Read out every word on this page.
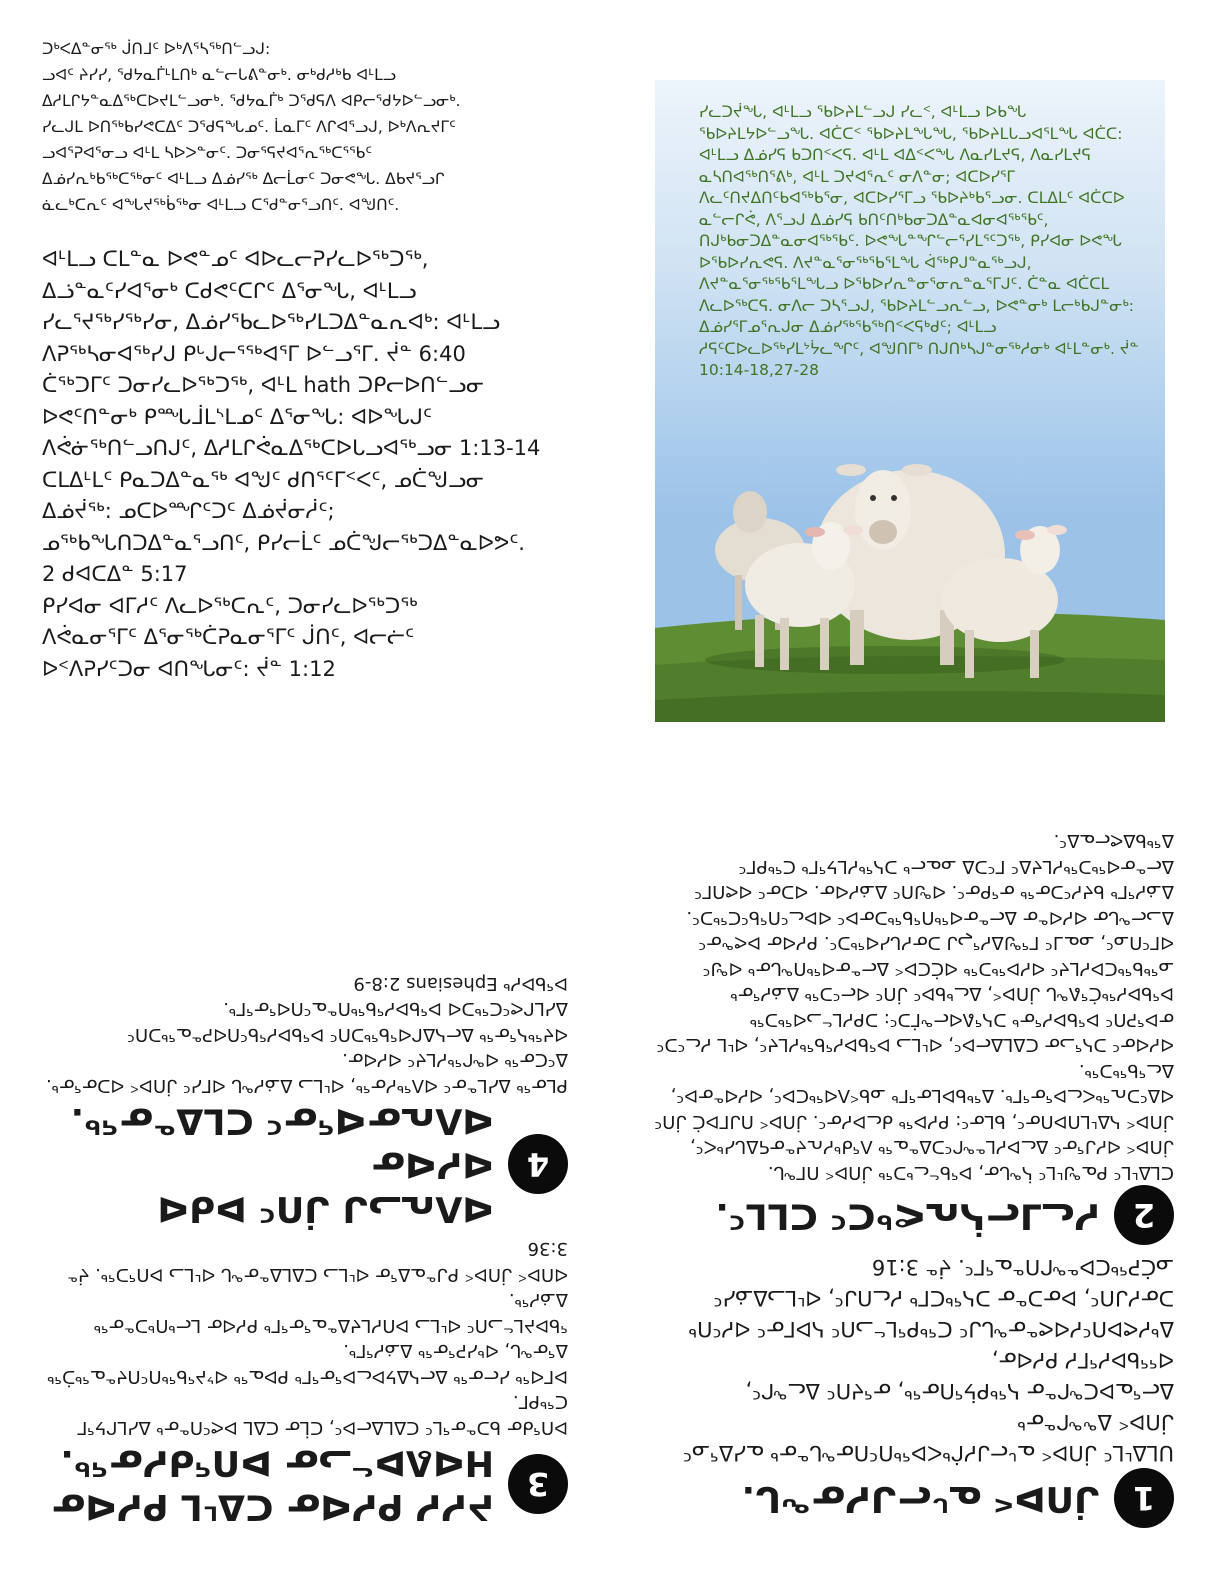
ᑐᒃᐸᐃᓐᓂᖅ ᒎᑎᒧᑦ ᐅᒃᐱᕐᓴᖅᑎᓪᓗᒍ:
ᓗᐊᑦ ᔨᓯᓯ, ᖁᔭᓇᒦᒻᒪᑎᒃ ᓇᓪᓕᒐᕕᓐᓂᒃ. ᓂᒃᑯᓱᒃᑲ ᐊᒻᒪᓗ
ᐃᓱᒪᒋᔭᓐᓇᐃᖅᑕᐅᔪᒪᓪᓗᓂᒃ. ᖁᔭᓇᒦᒃ ᑐᖁᕋᐱ ᐊᑭᓕᖁᔭᐅᓪᓗᓂᒃ.
ᓯᓚᒍᒪ ᐅᑎᖅᑲᓯᕙᑕᐃᑦ ᑐᖁᕋᖓᓄᑦ. ᒫᓇᒥᑦ ᐱᒋᐊᕐᓗᒍ, ᐅᒃᐱᕆᔪᒥᑦ
ᓗᐊᕐᕈᐊᕐᓂᓗ ᐊᒻᒪ ᓴᐅᐳᓐᓂᑦ. ᑐᓂᕐᕋᔪᐊᕐᕆᖅᑕᕐᖃᑦ
ᐃᓅᓯᕆᒃᑲᖅᑕᖅᓂᑦ ᐊᒻᒪᓗ ᐃᓅᓯᖅ ᐃᓕᒫᓂᑦ ᑐᓂᕙᖓ. ᐃᑲᔪᕐᓗᒋ
ᓈᓚᒃᑕᕆᑦ ᐊᖓᔪᖅᑳᖅᓂ ᐊᒻᒪᓗ ᑕᖁᓐᓂᕐᓗᑎᑦ. ᐊᖑᑎᑦ.

ᐊᒻᒪᓗ ᑕᒪᓐᓇ ᐅᕙᓐᓄᑦ ᐊᐅᓚᓕᕈᓯᓚᐅᖅᑐᖅ,

ᐃᓘᓐᓇᑦᓯᐊᕐᓂᒃ ᑕᑯᕙᑦᑕᒋᑦ ᐃᕐᓂᖓ, ᐊᒻᒪᓗ

ᓯᓚᕐᔪᖅᓯᖅᓯᓂ, ᐃᓅᓯᖃᓚᐅᖅᓯᒪᑐᐃᓐᓇᕆᐊᒃ: ᐊᒻᒪᓗ

ᐱᕈᖅᓴᓂᐊᖅᓯᒍ ᑭᒡᒍᓕᕐᖅᐊᕐᒥ ᐅᓪᓗᕐᒥ. ᔫᓐ 6:40

ᑖᖅᑐᒥᑦ ᑐᓂᓯᓚᐅᖅᑐᖅ, ᐊᒻᒪ hath ᑐᑭᓕᐅᑎᓪᓗᓂ

ᐅᕙᑦᑎᓐᓂᒃ ᑭᙵᒨᒪᔅᒪᓄᑦ ᐃᕐᓂᖓ: ᐊᐅᖓᒍᑦ

ᐱᕚᓃᖅᑎᓪᓗᑎᒍᑦ, ᐃᓱᒪᒋᕚᓇᐃᖅᑕᐅᒐᓗᐊᖅᓗᓂ 1:13-14

ᑕᒪᐃᒻᒪᑦ ᑭᓇᑐᐃᓐᓇᖅ ᐊᖑᑦ ᑯᑎᕐᑦᒥᑉᐸᑦ, ᓄᑖᖑᓗᓂ

ᐃᓅᔫᖅ: ᓄᑕᐅᙱᑦᑐᑦ ᐃᓅᔫᓂᓲᑦ;

ᓄᖅᑲᖓᑎᑐᐃᓐᓇᕐᓗᑎᑦ, ᑭᓯᓕᒫᑦ ᓄᑖᖑᓕᖅᑐᐃᓐᓇᐅᕗᑦ.

2 ᑯᐊᑕᐃᓐ 5:17

ᑭᓯᐊᓂ ᐊᒥᓱᑦ ᐱᓚᐅᖅᑕᕆᑦ, ᑐᓂᓯᓚᐅᖅᑐᖅ

ᐱᕚᓇᓂᕐᒥᑦ ᐃᕐᓂᖅᑖᕈᓇᓂᕐᒥᑦ ᒎᑎᑦ, ᐊᓕᓖᑦ

ᐅᑉᐱᕈᓯᑦᑐᓂ ᐊᑎᖓᓂᑦ: ᔫᓐ 1:12

ᓯᓚᑐᔫᖓ, ᐊᒻᒪᓗ ᖃᐅᔨᒪᓪᓗᒍ ᓯᓚᑉ, ᐊᒻᒪᓗ ᐅᑲᖓ ᖃᐅᔨᒪᔭᐅᓪᓗᖓ. ᐊᑖᑕᑉ ᖃᐅᔨᒪᖓᖓ, ᖃᐅᔨᒪᒐᓗᐊᕐᒪᖓ ᐊᑖᑕ: ᐊᒻᒪᓗ ᐃᓅᓯᕋ ᑲᑐᑎᑉᐸᕋ. ᐊᒻᒪ ᐊᐃᑉᐸᖓ ᐱᓇᓯᒪᔪᕋ, ᐱᓇᓯᒪᔪᕋ ᓇᓴᑎᐊᖅᑎᕐᕕᒃ, ᐊᒻᒪ ᑐᔪᐊᕐᕆᑦ ᓂᐱᓐᓂ; ᐊᑕᐅᓯᕐᒥ ᐱᓚᑦᑎᔪᐃᑎᑦᑲᐊᖅᑲᕐᓂ, ᐊᑕᐅᓯᕐᒥᓗ ᖃᐅᔨᒃᑲᕐᓗᓂ. ᑕᒪᐃᒪᑦ ᐊᑖᑕᐅ ᓇᓪᓕᒋᕚ, ᐱᕐᓗᒍ ᐃᓅᓯᕋ ᑲᑎᑦᑎᒃᑲᓂᑐᐃᓐᓇᐊᓂᐊᖅᖃᑦ, ᑎᒍᒃᑲᓂᑐᐃᓐᓇᓂᐊᖅᖃᑦ. ᐅᕙᖓᓐᖏᓪᓕᕐᓯᒪᕐᑦᑐᖅ, ᑭᓯᐊᓂ ᐅᕙᖓ ᐅᖃᐅᓯᕆᕙᕋ. ᐱᔪᓐᓇᕐᓂᖅᖃᕐᒪᖓ ᐋᖅᑭᒍᓐᓇᖅᓗᒍ, ᐱᔪᓐᓇᕐᓂᖅᖃᕐᒪᖓᓗ ᐅᖃᐅᓯᕆᓐᓂᕐᓂᕆᓐᓇᕐᒥᒍᑦ. ᑖᓐᓇ ᐊᑖᑕᒪ ᐱᓚᐅᖅᑕᕋ. ᓂᐱᓕ ᑐᓴᕐᓗᒍ, ᖃᐅᔨᒪᓪᓗᕆᓪᓗ, ᐅᕙᓐᓂᒃ ᒪᓕᒃᑲᒍᓐᓂᒃ: ᐃᓅᓯᕐᒥᓄᕐᕆᒍᓂ ᐃᓅᓯᖅᖃᖅᑎᑉᐸᕋᒃᑯᑦ; ᐊᒻᒪᓗ ᓱᕋᑦᑕᐅᓚᐅᖅᓯᒪᔾᔮᓚᖏᑦ, ᐊᖑᑎᒥᒃ ᑎᒍᑎᒃᓴᒍᓐᓂᖅᓱᓂᒃ ᐊᒻᒪᓐᓂᒃ. ᔫᓐ 10:14-18,27-28

1
ᒎᑎᐅᑉ ᓇᒡᓕᒍᓯᓂᖓ.

ᑌᒪᐃᒻᒪᑦ ᒎᑎᐅᑉ ᓇᒡᓕᒍᓯᒌᒃᐸᐅᖅᑎᑦᑎᓂᖓᓐᓂᒃ ᓇᓱᐃᕐᓄᑦ ᒎᑎᐅᑉ ᐃᖕᖏᓐᓂᒃ

ᐃᓕᕐᓇᐅᑕᖏᓐᓂ ᓴᖅᑭᔮᕐᑎᓂᖅ, ᓂᕐᔪᑎᑦ ᐃᓚᖏᑦ, ᐊᕐᖃᐅᓯᕐᒥᓯ ᑭᓯᐊᓂ,

ᐃᒃᓯᕙᐅᑎᑦᓯᐊᕙᓐᓂᖓᒍᑦ ᑕᖅᑭᕐᒪᓪᓗᑎᑦ ᓴᐅᒥᓂᑦ ᐊᓯᑦᑎᒃ ᑐᓂᓯᒍᑎᑦ, ᐅᓂᑐᓐᓂ ᑐᓴᖅᑕᒥᒃ ᓯᓚᑎᒍᑦ, ᐊᒻᒪᓗᐃᓅᓱᑦ ᓄᑖᕈᖅᑕᐅᓐᖏᑎᓐᓇᕐᒥᑦ. ᔫᓐ 3:16

2
ᓯᓚᒧᓕᓵᕆᕙᒃᑕᑦ ᑕᒪᒪᑦ.

ᑕᒪᐃᒻᒪᑦ ᑭᓇᖑᒻᒪᑦ ᓵᖓᓂ, ᐅᖃᓪᓚᒃᑐᖅ ᒎᑎᐅᑉ ᑎᒥᖓ.

ᒎᑎᐅᑉ ᐊᓯᒍᕐᓂᑦ ᐃᓚᐅᓯᒪᓐᖏᑦᑐᐃᓐᓇᖅ ᐱᖁᒃᓯᕆᔪᓐᓂᕋᐃᒐᓱᒃᐸᑦ, ᒎᑎᐅᑉ ᓴᐃᒻᒪᑎᐅᑎᓂᑦ, ᑲᒪᓂᑦ: ᑭᓯᐅᖅ ᑯᓚᐅᓯᓂᑦ. ᒎᑎᐅᑉ ᑎᒍᒥᐅᑖ ᒎᑎᑦ ᐊᐃᑦᑐᕆᖅᐸᓚᐅᕐᓂᕐᒥᒃ. ᐃᖅᑲᐅᒪᓂᕐᒥᒃ ᓄᑲᑉᐱᐊᖅᑕᐅᑦ, ᐊᓯᐊᓐᓂᐅᑦ, ᐃᓚᖃᖅᑐᖅ.

ᐊᓯᐊᓂᑦ ᑐᓴᕐᓗᓂ ᑕᐃᒪᐃᓕᐅᑦ, ᐊᒻᒪᓗ ᐅᖃᐅᓯᖃᖅᓯᒪᔪᑦ, ᐊᒻᒪ ᓯᓚᑦᑐᑦ ᓂᐅᕐᕈᑎᑦ ᐅᖃᐅᓯᕐᓂᒃ ᑐᓴᕐᕕᐊᓕᖕᒦᑐᑦ: ᑐᑭᓯᒪᓪᓗᐊᖅᑐᖅ ᐅᖃᐅᓯᖅᑖᕐᕕᖓ ᒎᑎᐅᑉ, ᐃᓚᒃᑲᐅᑦ ᒎᑎᑦ ᐊᓕᑦᑐᖅ ᐃᓅᓯᕐᓂᒃ ᓄᖅᑲᖅᑕᐅᓯᒪᔪᑦ ᐊᓯᐅᖅᑐᖅ ᐊᑖᑕᐅᑉ ᐃᓕᓐᓂᐊᖅᑎᖓᓂᒃ ᐊᖑᑦ ᐊᒥᑦᑎᓄᑦ, ᓄᓇᒧᑦ ᒥᕐᖑᐃᓯᕐᖢᒍ ᑐᓂᓯᒐᓱᐊᖅᑐᑦ. ᑭᓯᐊᓂ ᐅᕙᖕᓂᑦ ᐃᓗᓕᖓᓂ ᐊᓯᐊᓐᓂ ᐃᓕᓐᓂᐊᖅᑎᖃᖅᑐᓂᐅᑦ ᐊᐅᓚᑦᑎᖃᑦᑕᖅᑐᑦ. ᐃᓅᓯᕐᒥᒃ ᑲᔪᓯᑦᑐᓂᖅ ᓂᕿᓂᑦ. ᐊᖑᑎᑦ ᐃᓅᓯᐊᓂ. ᐊᑐᓂᑦ ᐊᕙᑎᒥᑦ ᐃᓕᓐᓂᐊᖅᑐᖅᓯᒪᔪᐃᑦ ᒥᑦᑐᐃ ᓄᓇᓕᒃ ᑐᓴᖅᓯᒪᔭᕐᒥᒃ ᑕᖅᑭᒥᑦ ᐃᖅᑲᐃᕙᓕᓇᐃᑦ.

3
ᔨᓯᓯ ᑭᓯᐊᓂ ᑕᐃᒻᒪ ᑭᓯᐊᓂ
ᕼᐊᕕᐅᓪᓗᓂ ᐅᑎᕐᑯᓯᓂᖅ.

ᐅᑎᕐᑯᓂ ᑲᑐᓐᓂᕐᒪᑦ ᑕᐃᒪᐃᓕᐅᑦ, ᑕᒫᓂ ᑕᐃᒪ ᐅᕙᑦᑎᓐᓂᒃ ᐃᓱᒪᒋᔭᕐᒥ ᑕᖅᑭᒥ.

ᐅᒥᐊᖅ ᓱᓕᓂᖅ ᐃᓕᓴᐃᔭᐅᓚᐅᕐᓂᕐᒥᒃ ᑭᐅᓇᖅ ᐊᔾᔨᖃᖅᑎᑦᑎᔪᓐᓇᖅᑑᖅ ᐃᕐᓂᖓ, ᐊᒃᓱᕈᕐᓂᖅ ᐃᓅᓯᕐᒥᒃ.

ᖃᐅᔨᒪᓪᓗᑎᑦ ᐊᒻᒪᓗ ᐅᑎᓯᒪᔪᐃᓐᓇᕐᓂᕐᒥᒃ ᑭᓯᐊᓂ ᒪᓕᒃᑎᒃᑐᓐᓂᖅ ᐃᓅᓯᖅ.

ᐊᑎᐅᑉ ᒎᑎᐅᑉ ᑭᒍᓐᓇᐃᕐᓂ ᐊᒻᒪᓗ ᑕᐃᒪᐃᓐᓂᖓ ᐊᒻᒪᓗ ᐅᑎᕐᑐᖅ. ᔫᓐ 3:36

4
ᐊᐱᕆᓗᒍ ᒎᑎᑦ ᐅᑯᐊ ᐊᓯᐊᓂ
ᐊᐱᕆᓂᐊᕐᓂᑦ ᑕᒪᐃᓐᓂᖅ.

ᑭᒪᓂᖅ ᐃᓱᒪᓐᓂᑦ ᐊᐱᖅᓯᓂᖅ, ᐊᒻᒪᓗ ᐃᓅᓯᖓ ᐊᒥᓱᑦ ᒎᑎᐅᑉ ᐊᑐᓂᕐᓂᒃ. ᐃᑦᑕᓂᖅ ᐊᖏᖅᓯᒪᔪᑦ ᐊᓯᐊᓂ.

ᐊᔪᖅᓴᕐᓂᖅ ᐃᓕᓴᐃᒋᐊᖃᖅᑐᑎᑦ ᐅᖃᐅᓯᖃᑦᑎᐊᕈᓐᓇᖅᑐᑎᑦ ᐃᓱᒪᒋᕙᑦᑕᖅᑐᐊ ᐅᖃᐅᓯᖃᖅᑎᓐᓇᑦᑎᐊᕐᓂᕐᒥᒃ.

ᐅᖃᐅᓯᒃ Ephesians 2:8-9
